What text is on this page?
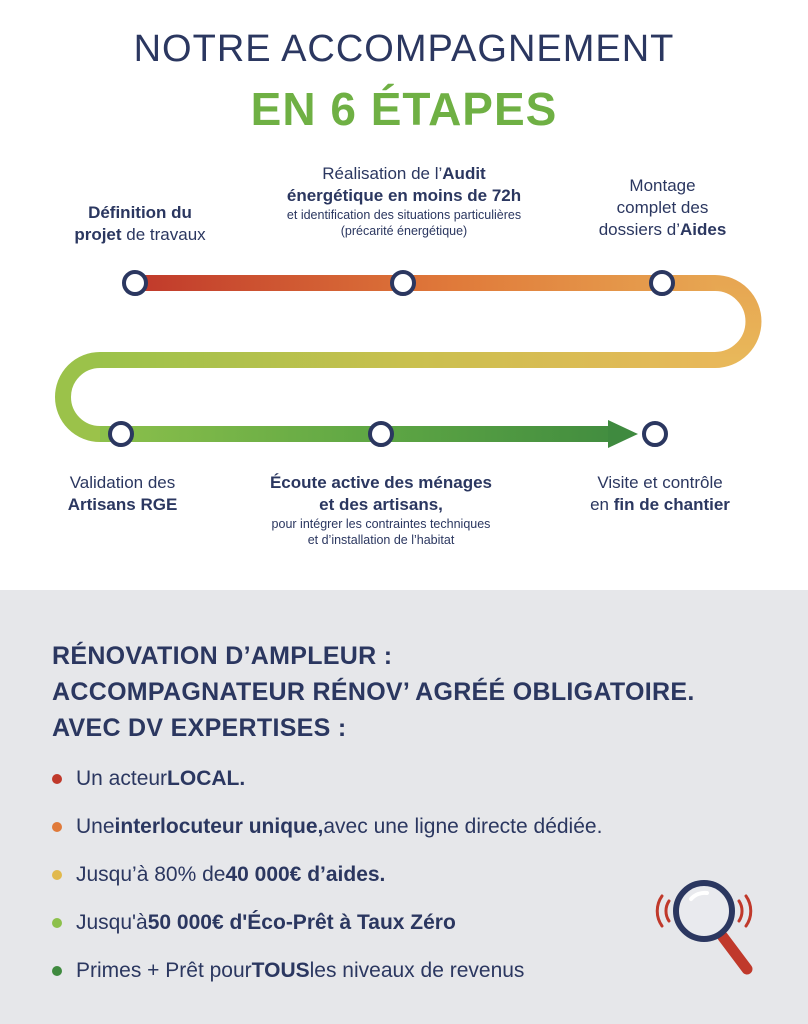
NOTRE ACCOMPAGNEMENT
EN 6 ÉTAPES
Définition du
projet de travaux
Réalisation de l’Audit
énergétique en moins de 72h
et identification des situations particulières
(précarité énergétique)
Montage
complet des
dossiers d’Aides
Validation des
Artisans RGE
Écoute active des ménages
et des artisans,
pour intégrer les contraintes techniques
et d’installation de l’habitat
Visite et contrôle
en fin de chantier
RÉNOVATION D’AMPLEUR :
ACCOMPAGNATEUR RÉNOV’ AGRÉÉ OBLIGATOIRE.
AVEC DV EXPERTISES :
Un acteur LOCAL.
Une interlocuteur unique, avec une ligne directe dédiée.
Jusqu’à 80% de 40 000€ d’aides.
Jusqu'à 50 000€ d'Éco-Prêt à Taux Zéro
Primes + Prêt pour TOUS les niveaux de revenus
